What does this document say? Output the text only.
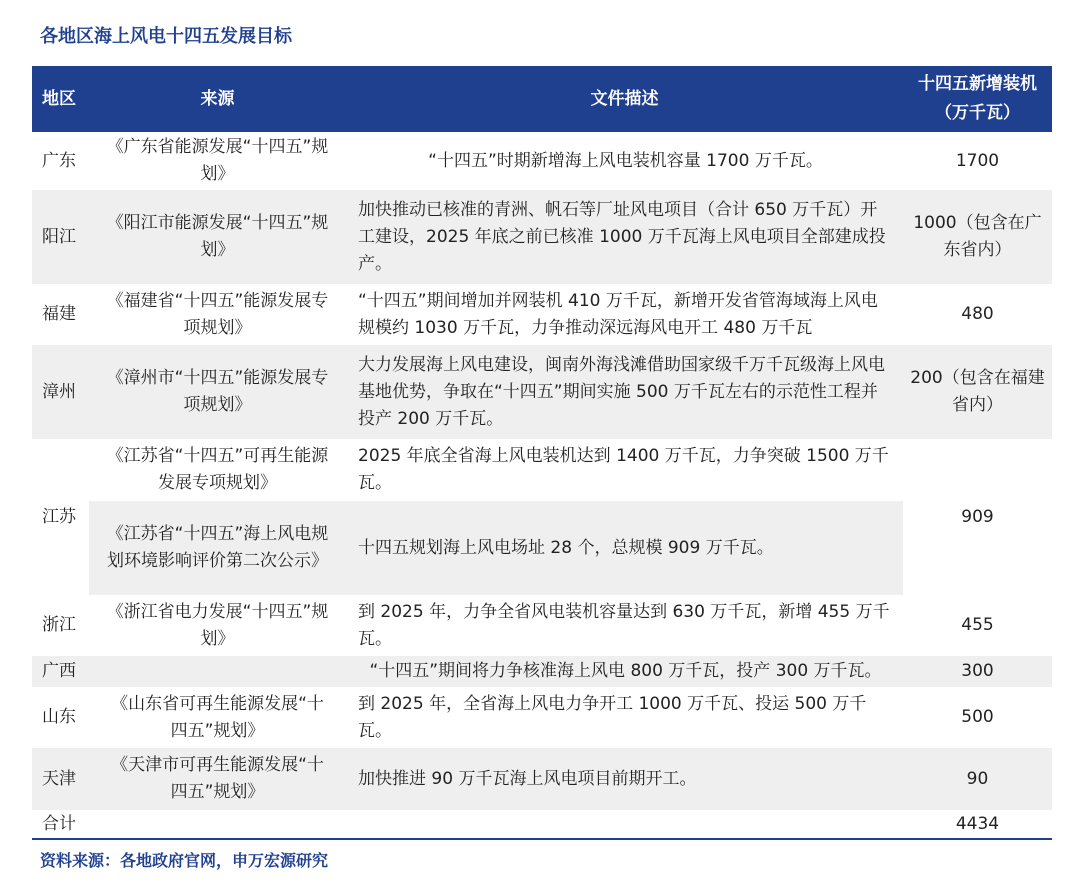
各地区海上风电十四五发展目标
地区	来源	文件描述	十四五新增装机（万千瓦）
广东	《广东省能源发展“十四五”规划》	“十四五”时期新增海上风电装机容量 1700 万千瓦。	1700
阳江	《阳江市能源发展“十四五”规划》	加快推动已核准的青洲、帆石等厂址风电项目（合计 650 万千瓦）开工建设，2025 年底之前已核准 1000 万千瓦海上风电项目全部建成投产。	1000（包含在广东省内）
福建	《福建省“十四五”能源发展专项规划》	“十四五”期间增加并网装机 410 万千瓦，新增开发省管海域海上风电规模约 1030 万千瓦，力争推动深远海风电开工 480 万千瓦	480
漳州	《漳州市“十四五”能源发展专项规划》	大力发展海上风电建设，闽南外海浅滩借助国家级千万千瓦级海上风电基地优势，争取在“十四五”期间实施 500 万千瓦左右的示范性工程并投产 200 万千瓦。	200（包含在福建省内）
江苏	《江苏省“十四五”可再生能源发展专项规划》	2025 年底全省海上风电装机达到 1400 万千瓦，力争突破 1500 万千瓦。	909
	《江苏省“十四五”海上风电规划环境影响评价第二次公示》	十四五规划海上风电场址 28 个，总规模 909 万千瓦。	
浙江	《浙江省电力发展“十四五”规划》	到 2025 年，力争全省风电装机容量达到 630 万千瓦，新增 455 万千瓦。	455
广西		“十四五”期间将力争核准海上风电 800 万千瓦，投产 300 万千瓦。	300
山东	《山东省可再生能源发展“十四五”规划》	到 2025 年，全省海上风电力争开工 1000 万千瓦、投运 500 万千瓦。	500
天津	《天津市可再生能源发展“十四五”规划》	加快推进 90 万千瓦海上风电项目前期开工。	90
合计			4434
资料来源：各地政府官网，申万宏源研究
